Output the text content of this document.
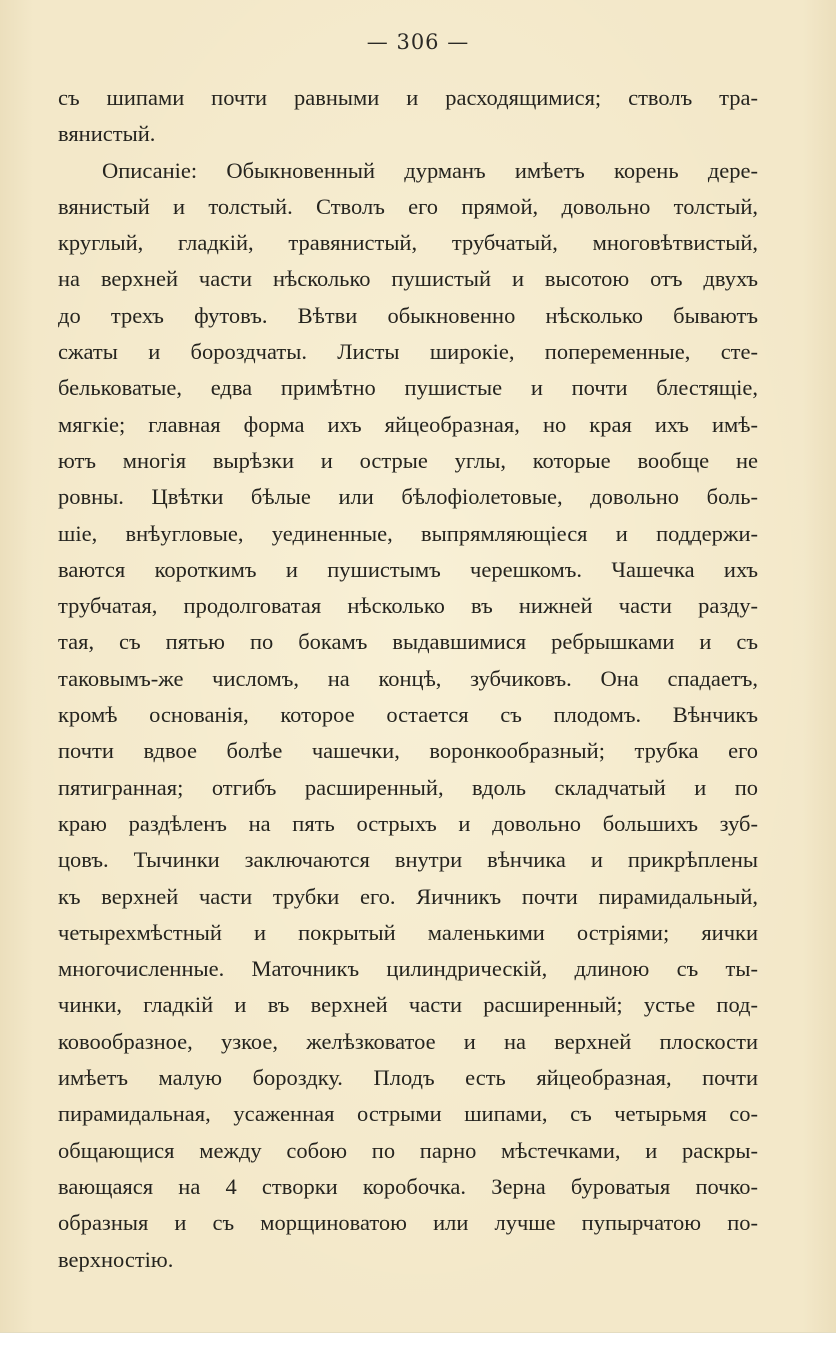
— 306 —
съ шипами почти равными и расходящимися; стволъ тра-
вянистый.
Описаніе: Обыкновенный дурманъ имѣетъ корень дере-
вянистый и толстый. Стволъ его прямой, довольно толстый,
круглый, гладкій, травянистый, трубчатый, многовѣтвистый,
на верхней части нѣсколько пушистый и высотою отъ двухъ
до трехъ футовъ. Вѣтви обыкновенно нѣсколько бываютъ
сжаты и бороздчаты. Листы широкіе, попеременные, сте-
бельковатые, едва примѣтно пушистые и почти блестящіе,
мягкіе; главная форма ихъ яйцеобразная, но края ихъ имѣ-
ютъ многія вырѣзки и острые углы, которые вообще не
ровны. Цвѣтки бѣлые или бѣлофіолетовые, довольно боль-
шіе, внѣугловые, уединенные, выпрямляющіеся и поддержи-
ваются короткимъ и пушистымъ черешкомъ. Чашечка ихъ
трубчатая, продолговатая нѣсколько въ нижней части разду-
тая, съ пятью по бокамъ выдавшимися ребрышками и съ
таковымъ-же числомъ, на концѣ, зубчиковъ. Она спадаетъ,
кромѣ основанія, которое остается съ плодомъ. Вѣнчикъ
почти вдвое болѣе чашечки, воронкообразный; трубка его
пятигранная; отгибъ расширенный, вдоль складчатый и по
краю раздѣленъ на пять острыхъ и довольно большихъ зуб-
цовъ. Тычинки заключаются внутри вѣнчика и прикрѣплены
къ верхней части трубки его. Яичникъ почти пирамидальный,
четырехмѣстный и покрытый маленькими остріями; яички
многочисленные. Маточникъ цилиндрическій, длиною съ ты-
чинки, гладкій и въ верхней части расширенный; устье под-
ковообразное, узкое, желѣзковатое и на верхней плоскости
имѣетъ малую бороздку. Плодъ есть яйцеобразная, почти
пирамидальная, усаженная острыми шипами, съ четырьмя со-
общающися между собою по парно мѣстечками, и раскры-
вающаяся на 4 створки коробочка. Зерна буроватыя почко-
образныя и съ морщиноватою или лучше пупырчатою по-
верхностію.
